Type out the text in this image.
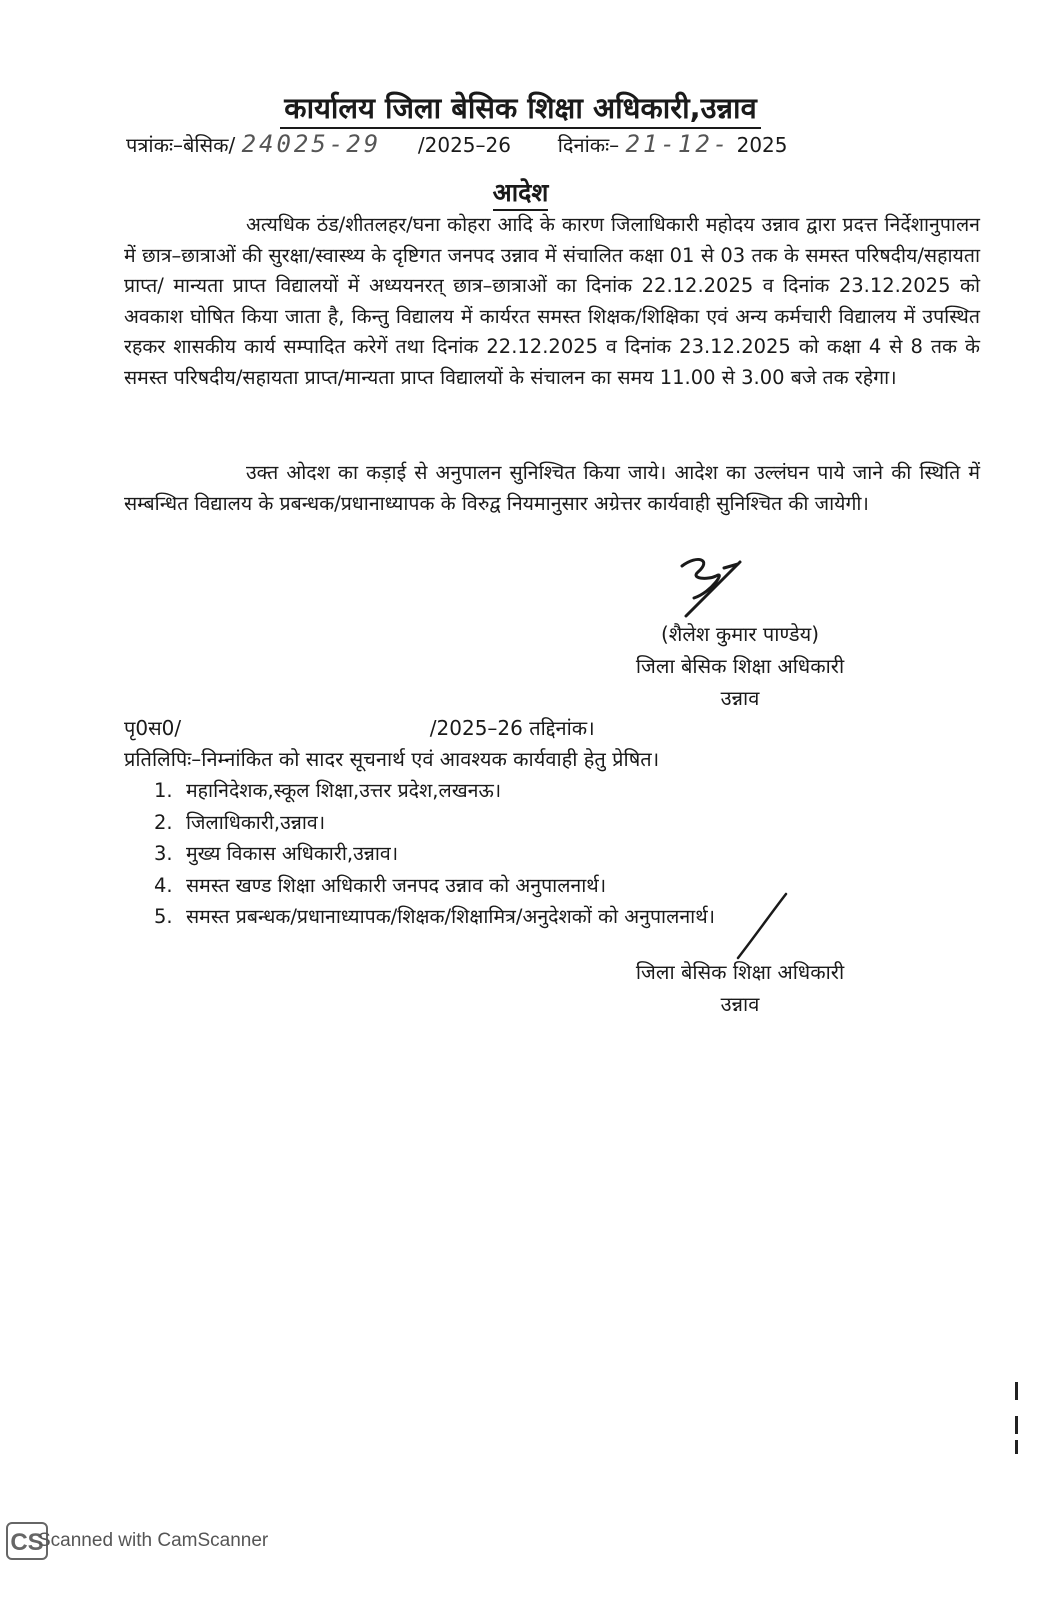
कार्यालय जिला बेसिक शिक्षा अधिकारी,उन्नाव
पत्रांकः–बेसिक/ 24025-29 /2025–26 दिनांकः– 21-12- 2025
आदेश

अत्यधिक ठंड/शीतलहर/घना कोहरा आदि के कारण जिलाधिकारी महोदय उन्नाव द्वारा प्रदत्त निर्देशानुपालन में छात्र–छात्राओं की सुरक्षा/स्वास्थ्य के दृष्टिगत जनपद उन्नाव में संचालित कक्षा 01 से 03 तक के समस्त परिषदीय/सहायता प्राप्त/ मान्यता प्राप्त विद्यालयों में अध्ययनरत् छात्र–छात्राओं का दिनांक 22.12.2025 व दिनांक 23.12.2025 को अवकाश घोषित किया जाता है, किन्तु विद्यालय में कार्यरत समस्त शिक्षक/शिक्षिका एवं अन्य कर्मचारी विद्यालय में उपस्थित रहकर शासकीय कार्य सम्पादित करेगें तथा दिनांक 22.12.2025 व दिनांक 23.12.2025 को कक्षा 4 से 8 तक के समस्त परिषदीय/सहायता प्राप्त/मान्यता प्राप्त विद्यालयों के संचालन का समय 11.00 से 3.00 बजे तक रहेगा।

उक्त ओदश का कड़ाई से अनुपालन सुनिश्चित किया जाये। आदेश का उल्लंघन पाये जाने की स्थिति में सम्बन्धित विद्यालय के प्रबन्धक/प्रधानाध्यापक के विरुद्व नियमानुसार अग्रेत्तर कार्यवाही सुनिश्चित की जायेगी।

(शैलेश कुमार पाण्डेय)
जिला बेसिक शिक्षा अधिकारी
उन्नाव
पृ0स0/	/2025–26 तद्दिनांक।
प्रतिलिपिः–निम्नांकित को सादर सूचनार्थ एवं आवश्यक कार्यवाही हेतु प्रेषित।
1. महानिदेशक,स्कूल शिक्षा,उत्तर प्रदेश,लखनऊ।
2. जिलाधिकारी,उन्नाव।
3. मुख्य विकास अधिकारी,उन्नाव।
4. समस्त खण्ड शिक्षा अधिकारी जनपद उन्नाव को अनुपालनार्थ।
5. समस्त प्रबन्धक/प्रधानाध्यापक/शिक्षक/शिक्षामित्र/अनुदेशकों को अनुपालनार्थ।
जिला बेसिक शिक्षा अधिकारी
उन्नाव
CS
Scanned with CamScanner
